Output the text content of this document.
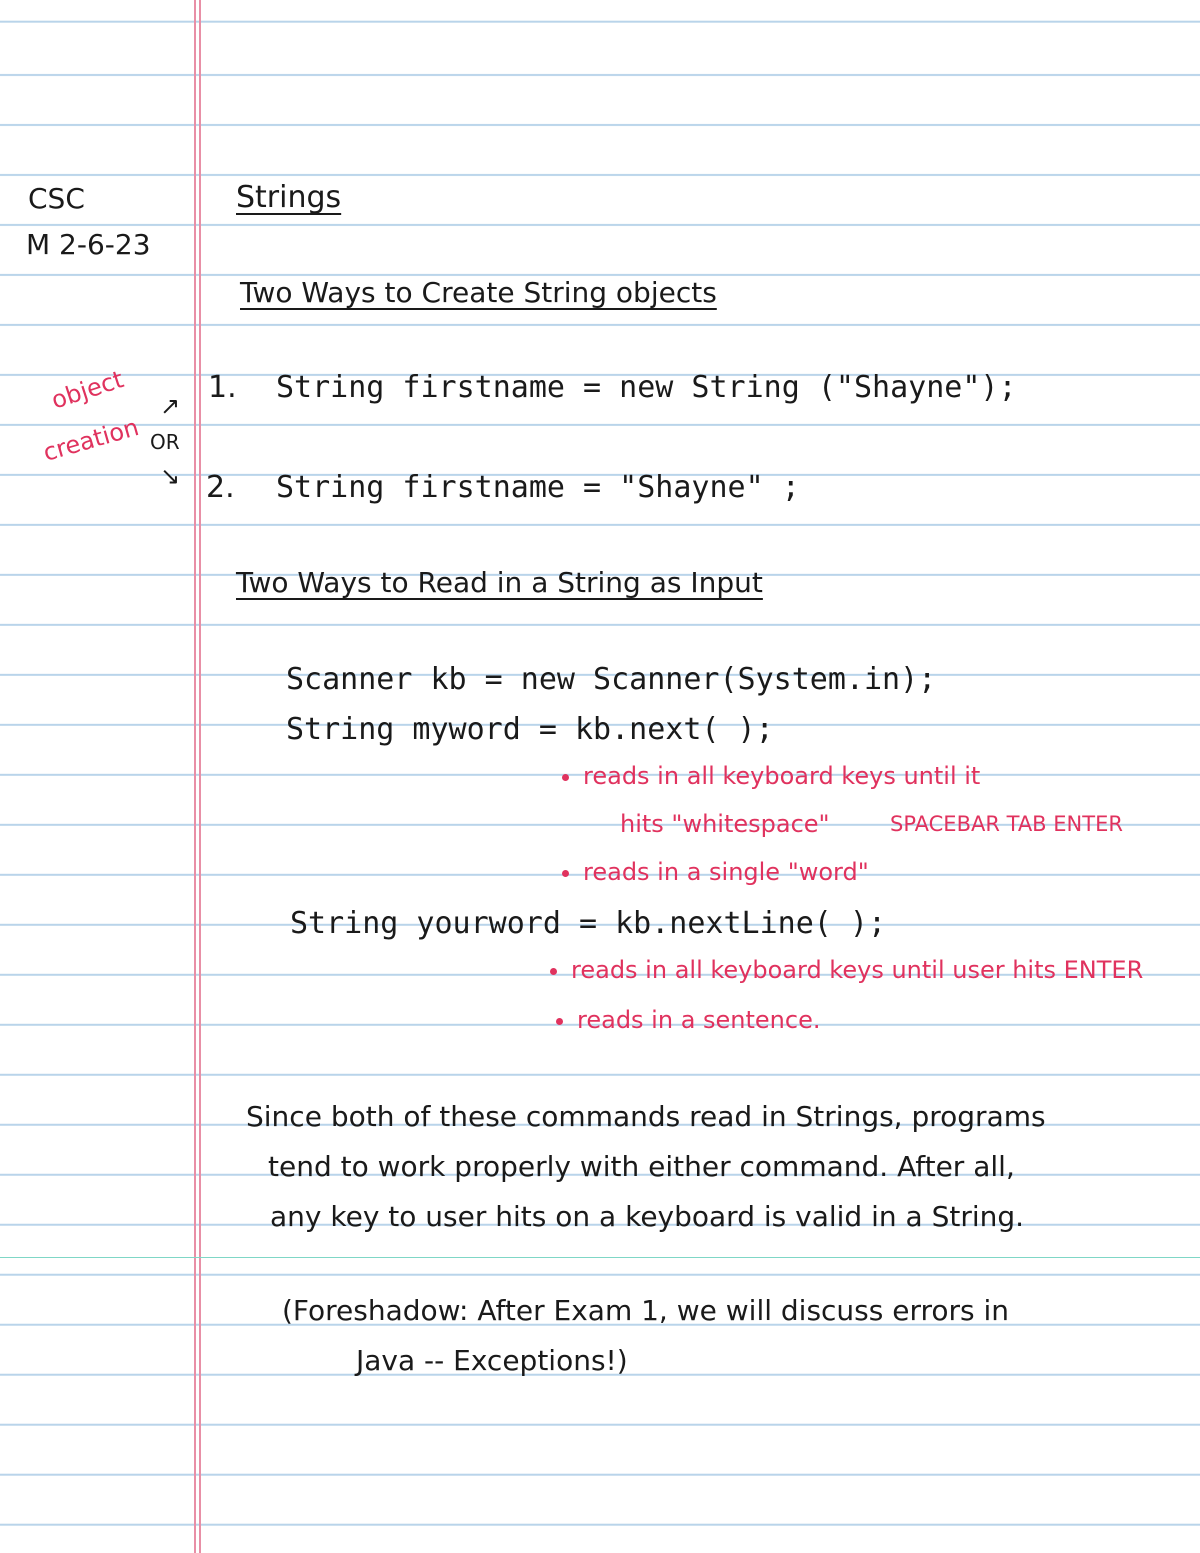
CSC
M 2-6-23
Strings
Two Ways to Create String objects
object
creation
↗
OR
↘
1. String firstname = new String ("Shayne");
2. String firstname = "Shayne" ;
Two Ways to Read in a String as Input
Scanner kb = new Scanner(System.in);
String myword = kb.next( );
reads in all keyboard keys until it
hits "whitespace"	SPACEBAR TAB ENTER
reads in a single "word"
String yourword = kb.nextLine( );
reads in all keyboard keys until user hits ENTER
reads in a sentence.
Since both of these commands read in Strings, programs
tend to work properly with either command. After all,
any key to user hits on a keyboard is valid in a String.
(Foreshadow: After Exam 1, we will discuss errors in
Java -- Exceptions!)
